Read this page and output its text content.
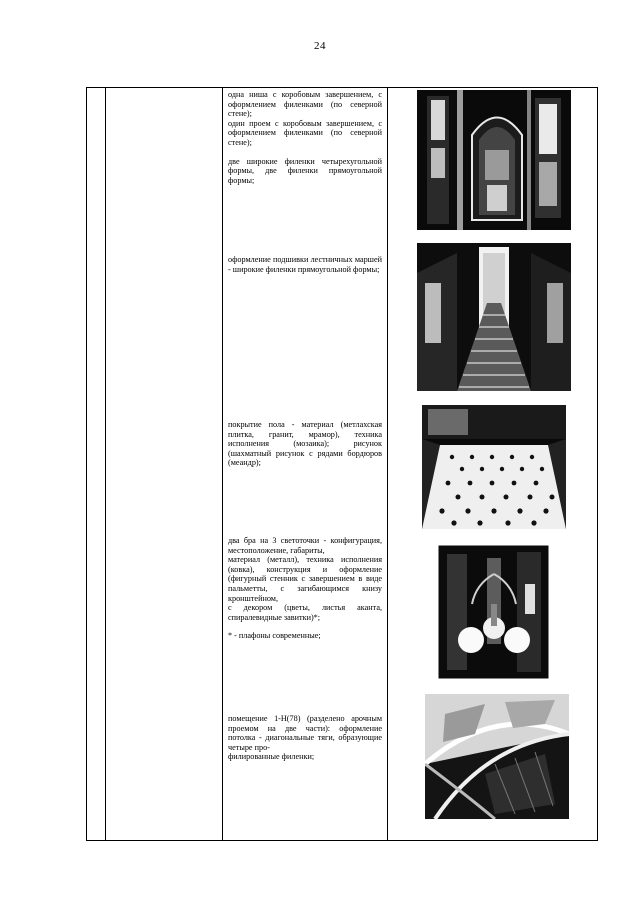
24

одна ниша с коробовым завершением, с оформлением филенками (по северной стене);

один проем с коробовым завершением, с оформлением филенками (по северной стене);

две широкие филенки четырехугольной формы, две филенки прямоугольной формы;

оформление подшивки лестничных маршей - широкие филенки прямоугольной формы;

покрытие пола - материал (метлахская плитка, гранит, мрамор), техника исполнения (мозаика); рисунок (шахматный рисунок с рядами бордюров (меандр);

два бра на 3 светоточки - конфигурация, местоположение, габариты,

материал (металл), техника исполнения (ковка), конструкция и оформление (фигурный стенник с завершением в виде пальметты, с загибающимся книзу кронштейном,

с декором (цветы, листья аканта, спиралевидные завитки)*;

* - плафоны современные;

помещение 1-Н(78) (разделено арочным проемом на две части): оформление потолка - диагональные тяги, образующие четыре про-

филированные филенки;
